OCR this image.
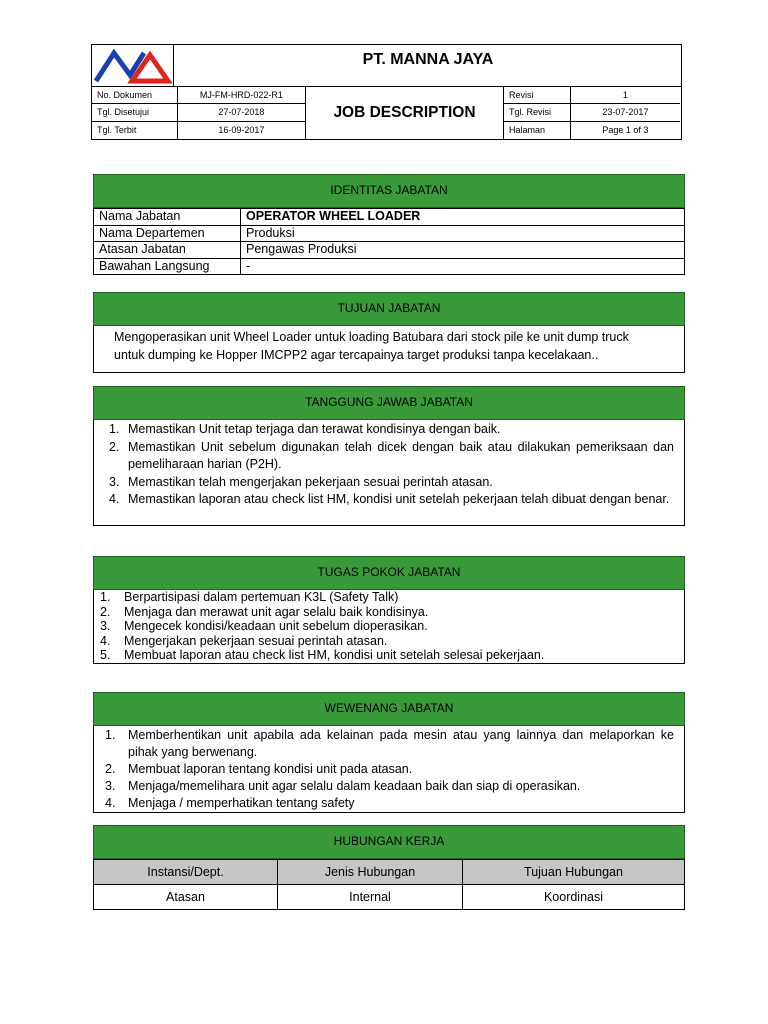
PT. MANNA JAYA
No. Dokumen	MJ-FM-HRD-022-R1
Tgl. Disetujui	27-07-2018
Tgl. Terbit	16-09-2017
JOB DESCRIPTION
Revisi	1
Tgl. Revisi	23-07-2017
Halaman	Page 1 of 3
IDENTITAS JABATAN
Nama Jabatan	OPERATOR WHEEL LOADER
Nama Departemen	Produksi
Atasan Jabatan	Pengawas Produksi
Bawahan Langsung	-
TUJUAN JABATAN
Mengoperasikan unit Wheel Loader untuk loading Batubara dari stock pile ke unit dump truck untuk dumping ke Hopper IMCPP2 agar tercapainya target produksi tanpa kecelakaan..
TANGGUNG JAWAB JABATAN
1. Memastikan Unit tetap terjaga dan terawat kondisinya dengan baik.
2. Memastikan Unit sebelum digunakan telah dicek dengan baik atau dilakukan pemeriksaan dan pemeliharaan harian (P2H).
3. Memastikan telah mengerjakan pekerjaan sesuai perintah atasan.
4. Memastikan laporan atau check list HM, kondisi unit setelah pekerjaan telah dibuat dengan benar.
TUGAS POKOK JABATAN
1. Berpartisipasi dalam pertemuan K3L (Safety Talk)
2. Menjaga dan merawat unit agar selalu baik kondisinya.
3. Mengecek kondisi/keadaan unit sebelum dioperasikan.
4. Mengerjakan pekerjaan sesuai perintah atasan.
5. Membuat laporan atau check list HM, kondisi unit setelah selesai pekerjaan.
WEWENANG JABATAN
1. Memberhentikan unit apabila ada kelainan pada mesin atau yang lainnya dan melaporkan ke pihak yang berwenang.
2. Membuat laporan tentang kondisi unit pada atasan.
3. Menjaga/memelihara unit agar selalu dalam keadaan baik dan siap di operasikan.
4. Menjaga / memperhatikan tentang safety
HUBUNGAN KERJA
Instansi/Dept.	Jenis Hubungan	Tujuan Hubungan
Atasan	Internal	Koordinasi
